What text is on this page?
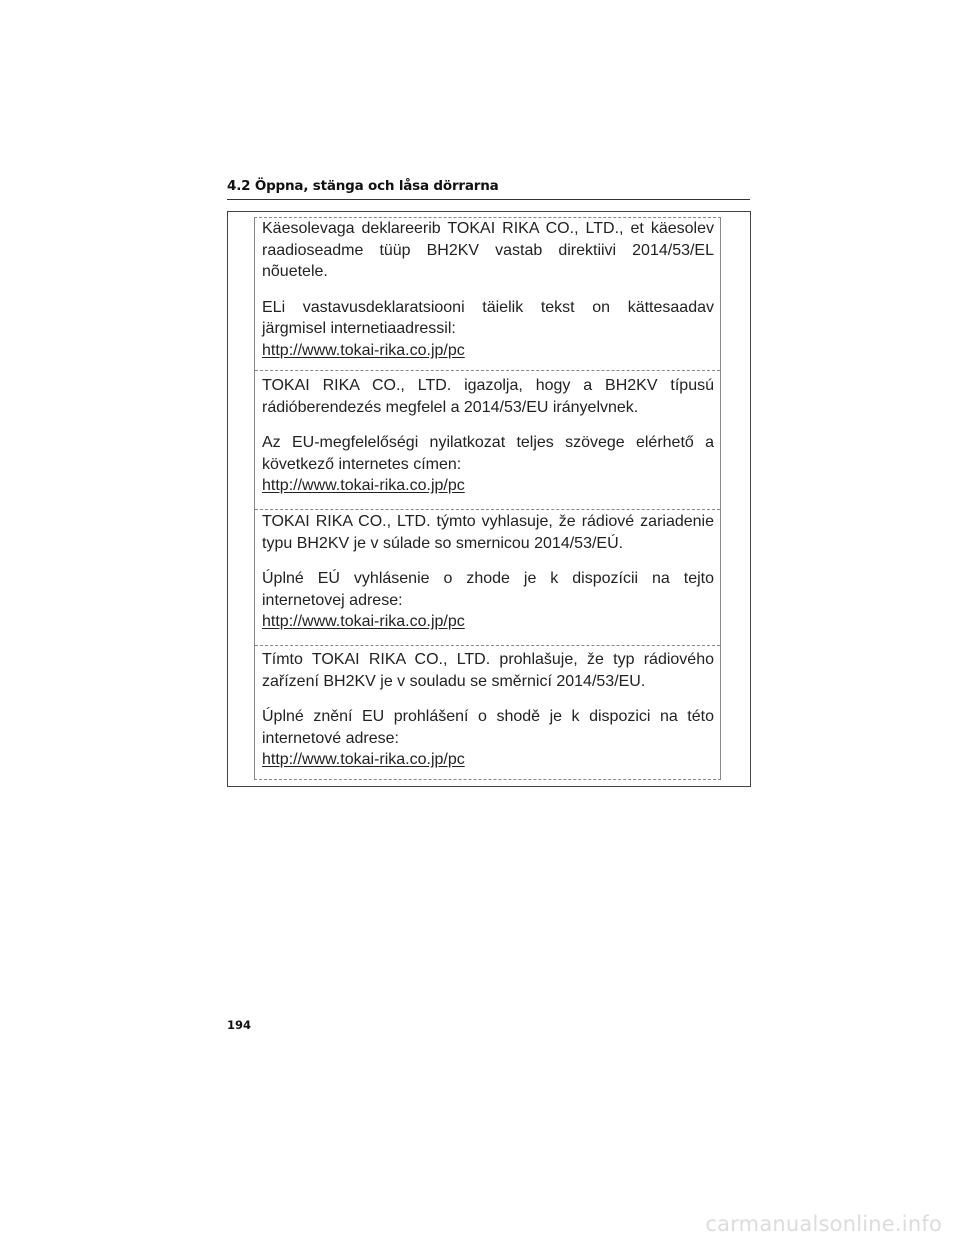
4.2 Öppna, stänga och låsa dörrarna

Käesolevaga deklareerib TOKAI RIKA CO., LTD., et käesolev raadioseadme tüüp BH2KV vastab direktiivi 2014/53/EL nõuetele.

ELi vastavusdeklaratsiooni täielik tekst on kättesaadav järgmisel internetiaadressil:

http://www.tokai-rika.co.jp/pc

TOKAI RIKA CO., LTD. igazolja, hogy a BH2KV típusú rádióberendezés megfelel a 2014/53/EU irányelvnek.

Az EU-megfelelőségi nyilatkozat teljes szövege elérhető a következő internetes címen:

http://www.tokai-rika.co.jp/pc

TOKAI RIKA CO., LTD. týmto vyhlasuje, že rádiové zariadenie typu BH2KV je v súlade so smernicou 2014/53/EÚ.

Úplné EÚ vyhlásenie o zhode je k dispozícii na tejto internetovej adrese:

http://www.tokai-rika.co.jp/pc

Tímto TOKAI RIKA CO., LTD. prohlašuje, že typ rádiového zařízení BH2KV je v souladu se směrnicí 2014/53/EU.

Úplné znění EU prohlášení o shodě je k dispozici na této internetové adrese:

http://www.tokai-rika.co.jp/pc
194
carmanualsonline.info
